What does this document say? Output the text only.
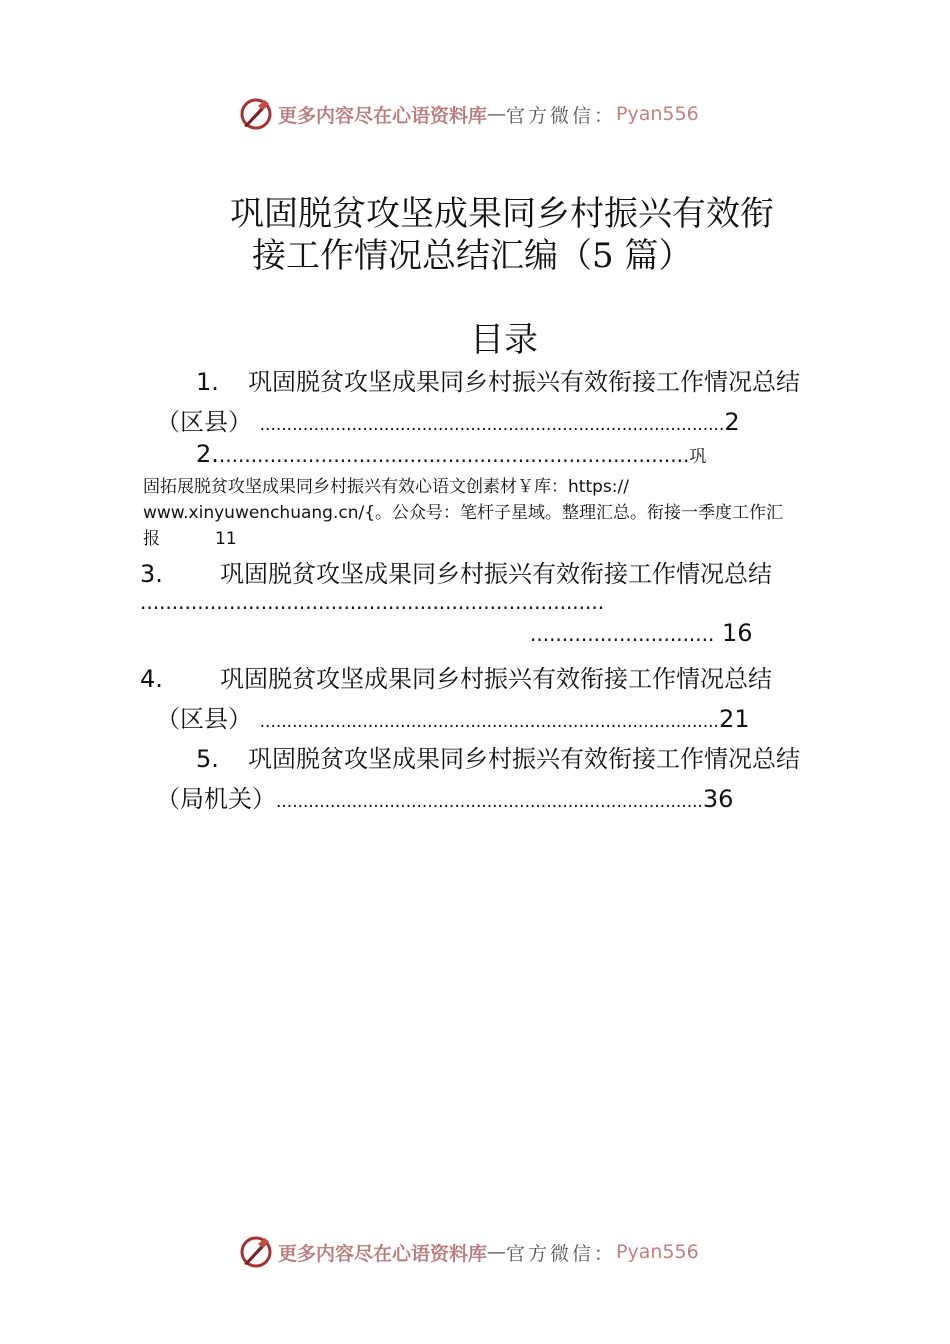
更多内容尽在心语资料库 — 官方微信： Pyan556
巩固脱贫攻坚成果同乡村振兴有效衔
接工作情况总结汇编（5 篇）
目录
1. 巩固脱贫攻坚成果同乡村振兴有效衔接工作情况总结
（区县） ......................................................................................2
2...........................................................................巩
固拓展脱贫攻坚成果同乡村振兴有效心语文创素材￥库：https://
www.xinyuwenchuang.cn/{。公众号：笔杆子星域。整理汇总。衔接一季度工作汇
报	11
3. 巩固脱贫攻坚成果同乡村振兴有效衔接工作情况总结
.........................................................................
............................. 16
4. 巩固脱贫攻坚成果同乡村振兴有效衔接工作情况总结
（区县） .....................................................................................21
5. 巩固脱贫攻坚成果同乡村振兴有效衔接工作情况总结
（局机关）...............................................................................36
更多内容尽在心语资料库 — 官方微信： Pyan556
